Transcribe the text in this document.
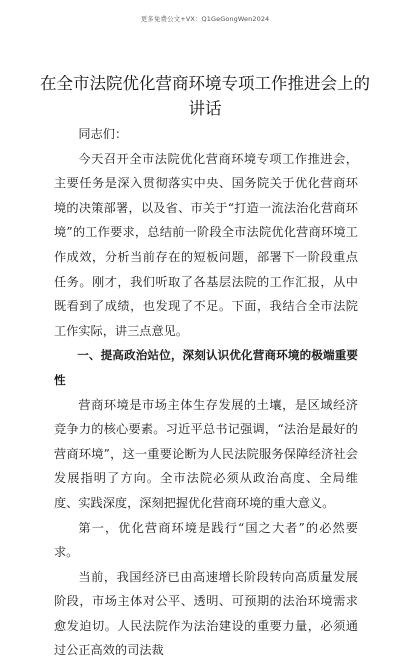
更多免费公文+VX：Q1GeGongWen2024
在全市法院优化营商环境专项工作推进会上的讲话

同志们：

今天召开全市法院优化营商环境专项工作推进会，主要任务是深入贯彻落实中央、国务院关于优化营商环境的决策部署，以及省、市关于“打造一流法治化营商环境”的工作要求，总结前一阶段全市法院优化营商环境工作成效，分析当前存在的短板问题，部署下一阶段重点任务。刚才，我们听取了各基层法院的工作汇报，从中既看到了成绩，也发现了不足。下面，我结合全市法院工作实际，讲三点意见。

一、提高政治站位，深刻认识优化营商环境的极端重要性

营商环境是市场主体生存发展的土壤，是区域经济竞争力的核心要素。习近平总书记强调，“法治是最好的营商环境”，这一重要论断为人民法院服务保障经济社会发展指明了方向。全市法院必须从政治高度、全局维度、实践深度，深刻把握优化营商环境的重大意义。

第一，优化营商环境是践行“国之大者”的必然要求。

当前，我国经济已由高速增长阶段转向高质量发展阶段，市场主体对公平、透明、可预期的法治环境需求愈发迫切。人民法院作为法治建设的重要力量，必须通过公正高效的司法裁
